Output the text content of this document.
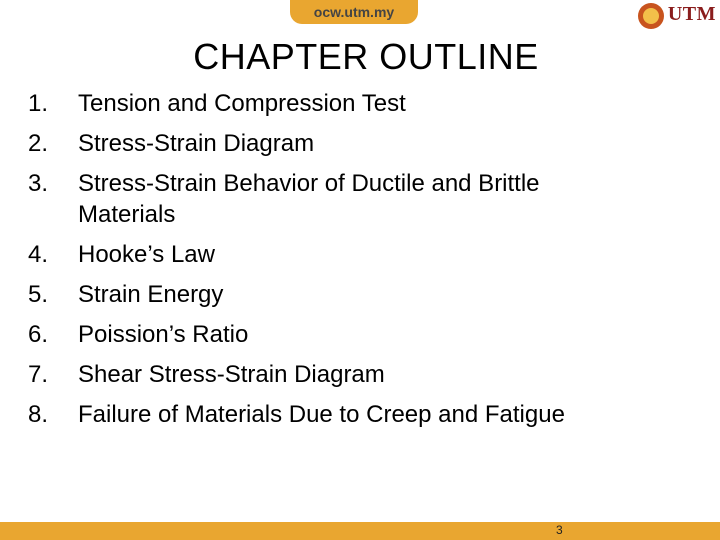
ocw.utm.my	UTM

CHAPTER OUTLINE
1.	Tension and Compression Test
2.	Stress-Strain Diagram
3.	Stress-Strain Behavior of Ductile and Brittle Materials
4.	Hooke’s Law
5.	Strain Energy
6.	Poission’s Ratio
7.	Shear Stress-Strain Diagram
8.	Failure of Materials Due to Creep and Fatigue
3
